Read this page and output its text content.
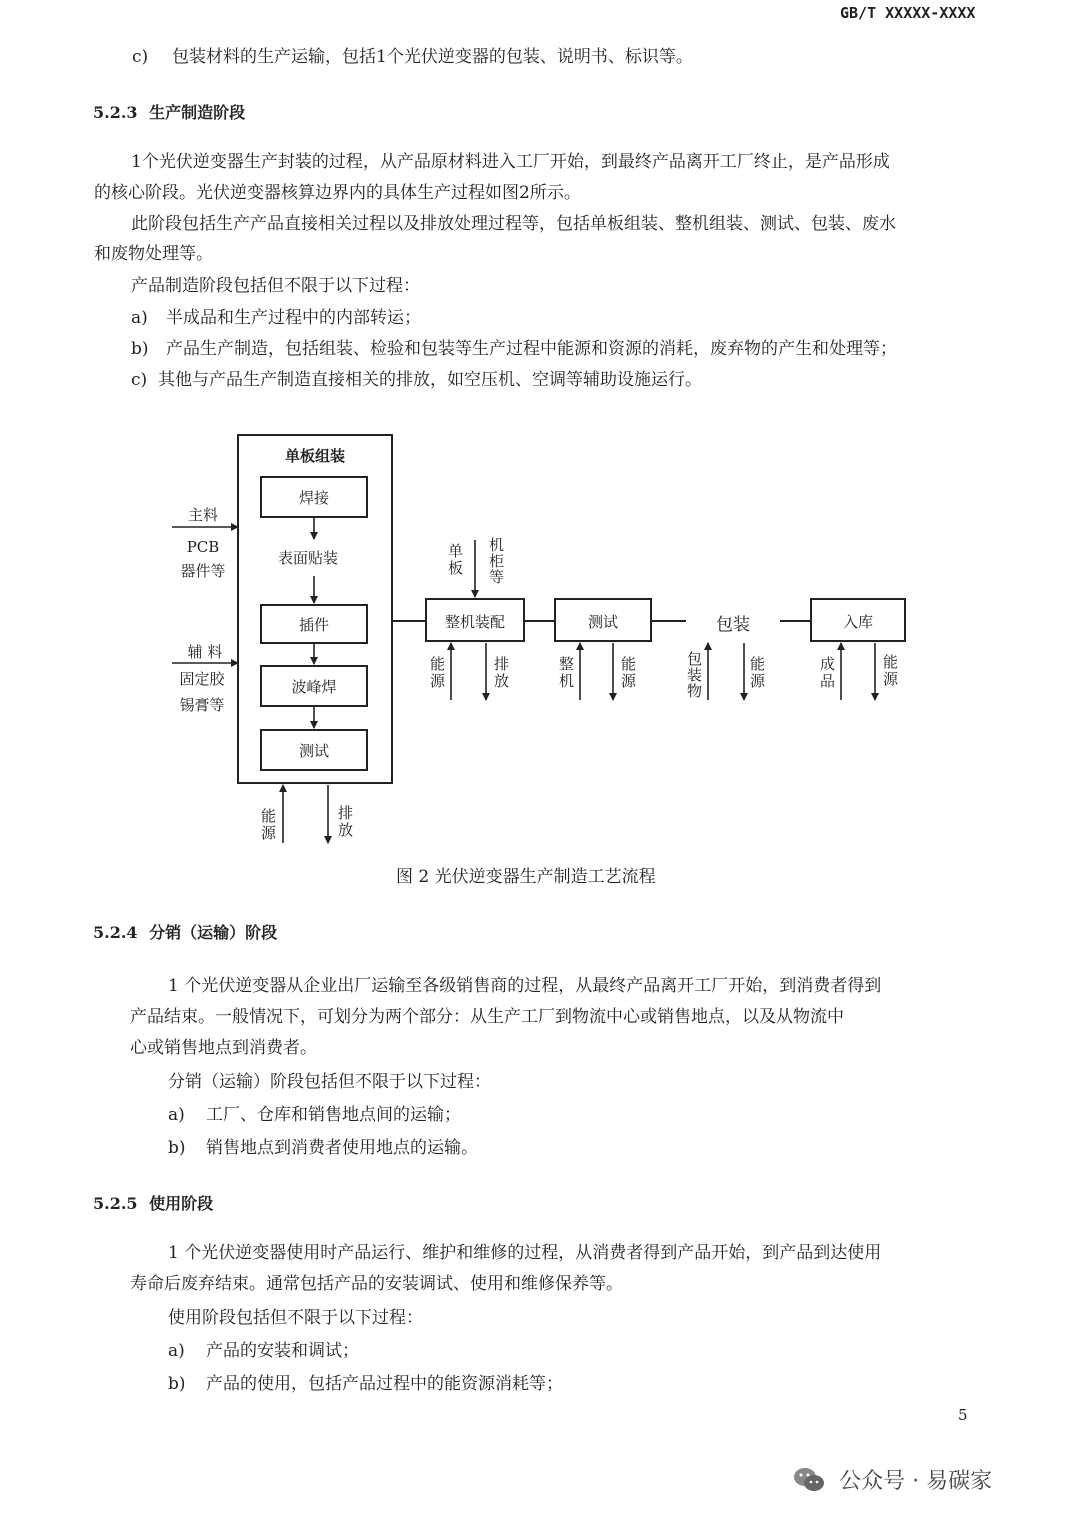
GB/T XXXXX-XXXX
c) 包装材料的生产运输，包括1个光伏逆变器的包装、说明书、标识等。
5.2.3 生产制造阶段
1个光伏逆变器生产封装的过程，从产品原材料进入工厂开始，到最终产品离开工厂终止，是产品形成
的核心阶段。光伏逆变器核算边界内的具体生产过程如图2所示。
此阶段包括生产产品直接相关过程以及排放处理过程等，包括单板组装、整机组装、测试、包装、废水
和废物处理等。
产品制造阶段包括但不限于以下过程：
a) 半成品和生产过程中的内部转运；
b) 产品生产制造，包括组装、检验和包装等生产过程中能源和资源的消耗，废弃物的产生和处理等；
c) 其他与产品生产制造直接相关的排放，如空压机、空调等辅助设施运行。
单板组装
焊接
表面贴装
插件
波峰焊
测试
主料
PCB
器件等
辅 料
固定胶
锡膏等
整机装配	测试	包装	入库
能源	排放
单板 机柜等
能源	排放	整机	能源	包装物	能源	成品	能源
图 2 光伏逆变器生产制造工艺流程
5.2.4 分销（运输）阶段
1 个光伏逆变器从企业出厂运输至各级销售商的过程，从最终产品离开工厂开始，到消费者得到
产品结束。一般情况下，可划分为两个部分：从生产工厂到物流中心或销售地点，以及从物流中
心或销售地点到消费者。
分销（运输）阶段包括但不限于以下过程：
a) 工厂、仓库和销售地点间的运输；
b) 销售地点到消费者使用地点的运输。
5.2.5 使用阶段
1 个光伏逆变器使用时产品运行、维护和维修的过程，从消费者得到产品开始，到产品到达使用
寿命后废弃结束。通常包括产品的安装调试、使用和维修保养等。
使用阶段包括但不限于以下过程：
a) 产品的安装和调试；
b) 产品的使用，包括产品过程中的能资源消耗等；
5
公众号 · 易碳家
